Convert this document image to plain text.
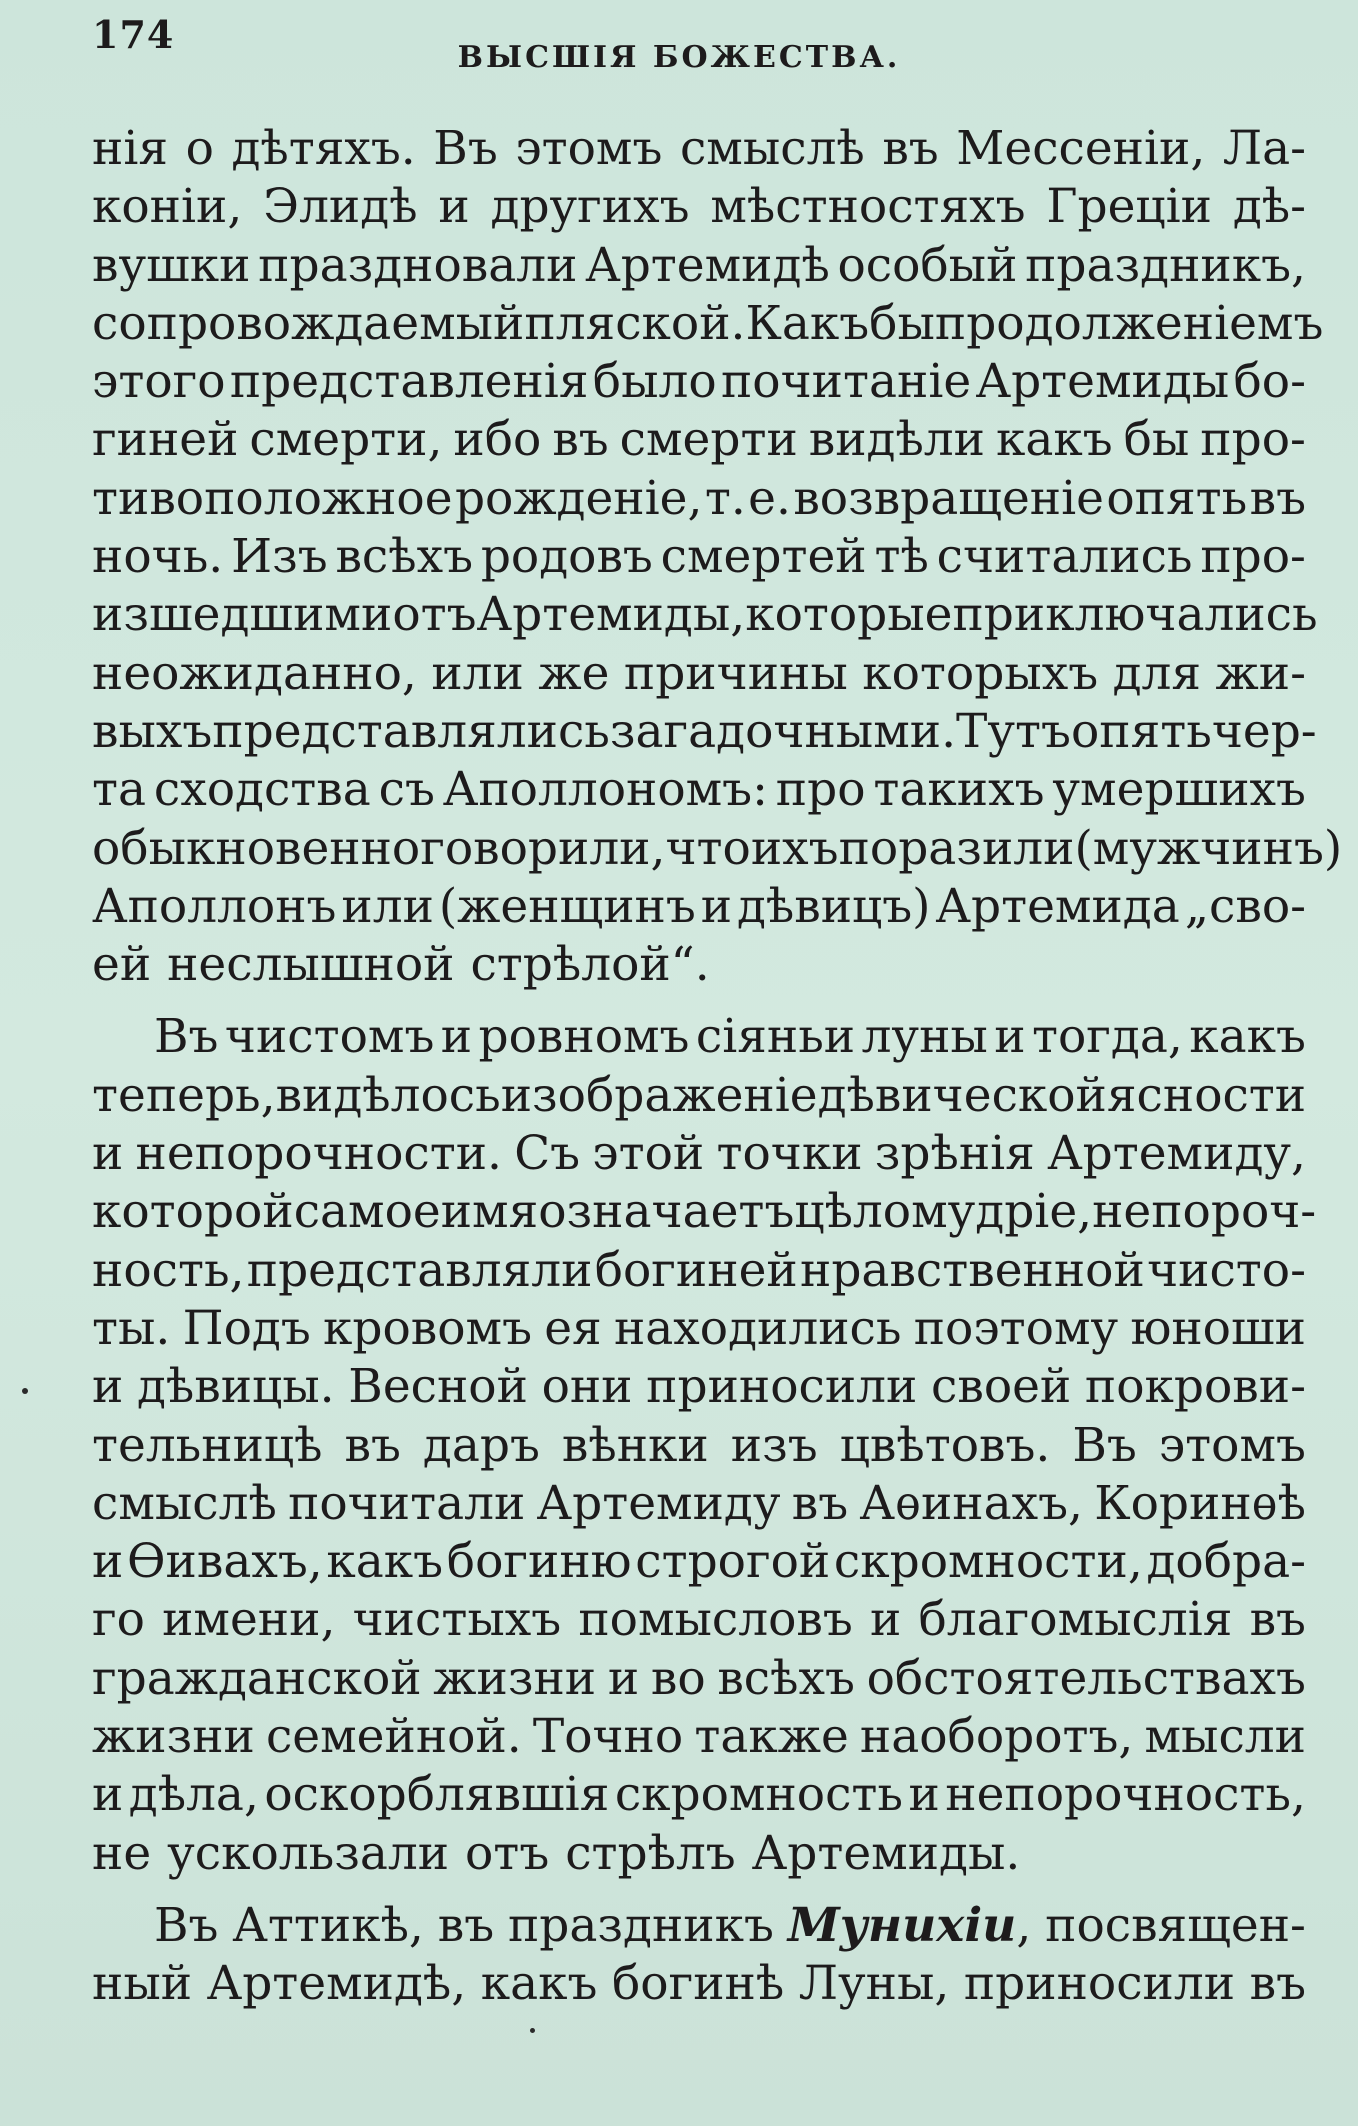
174
ВЫСШІЯ БОЖЕСТВА.
нія о дѣтяхъ. Въ этомъ смыслѣ въ Мессеніи, Ла-
коніи, Элидѣ и другихъ мѣстностяхъ Греціи дѣ-
вушки праздновали Артемидѣ особый праздникъ,
сопровождаемый пляской. Какъ бы продолженіемъ
этого представленія было почитаніе Артемиды бо-
гиней смерти, ибо въ смерти видѣли какъ бы про-
тивоположное рожденіе, т. е. возвращеніе опять въ
ночь. Изъ всѣхъ родовъ смертей тѣ считались про-
изшедшими отъ Артемиды, которые приключались
неожиданно, или же причины которыхъ для жи-
выхъ представлялись загадочными. Тутъ опять чер-
та сходства съ Аполлономъ: про такихъ умершихъ
обыкновенно говорили, что ихъ поразили (мужчинъ)
Аполлонъ или (женщинъ и дѣвицъ) Артемида „сво-
ей неслышной стрѣлой“.
Въ чистомъ и ровномъ сіяньи луны и тогда, какъ
теперь, видѣлось изображеніе дѣвической ясности
и непорочности. Съ этой точки зрѣнія Артемиду,
которой самое имя означаетъ цѣломудріе, непороч-
ность, представляли богиней нравственной чисто-
ты. Подъ кровомъ ея находились поэтому юноши
и дѣвицы. Весной они приносили своей покрови-
тельницѣ въ даръ вѣнки изъ цвѣтовъ. Въ этомъ
смыслѣ почитали Артемиду въ Аѳинахъ, Коринѳѣ
и Ѳивахъ, какъ богиню строгой скромности, добра-
го имени, чистыхъ помысловъ и благомыслія въ
гражданской жизни и во всѣхъ обстоятельствахъ
жизни семейной. Точно также наоборотъ, мысли
и дѣла, оскорблявшія скромность и непорочность,
не ускользали отъ стрѣлъ Артемиды.
Въ Аттикѣ, въ праздникъ Мунихіи, посвящен-
ный Артемидѣ, какъ богинѣ Луны, приносили въ
